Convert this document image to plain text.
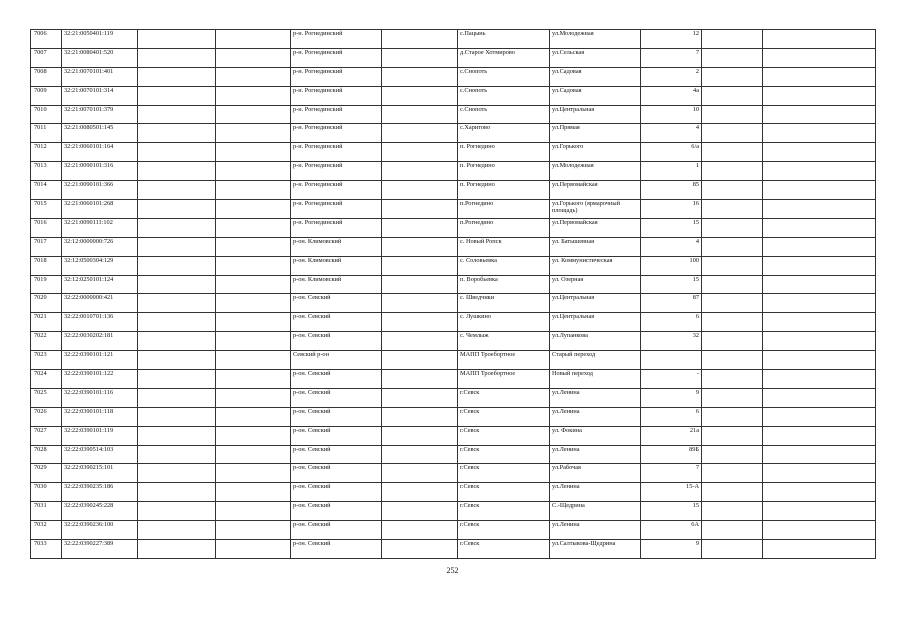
7006	32:21:0050401:119			р-н. Рогнединский		с.Пацынь	ул.Молодежная	12		
7007	32:21:0080401:520			р-н. Рогнединский		д.Старое Хотмирово	ул.Сельская	7		
7008	32:21:0070101:401			р-н. Рогнединский		с.Снопоть	ул.Садовая	2		
7009	32:21:0070101:314			р-н. Рогнединский		с.Снопоть	ул.Садовая	4а		
7010	32:21:0070101:379			р-н. Рогнединский		с.Снопоть	ул.Центральная	10		
7011	32:21:0080501:145			р-н. Рогнединский		с.Харитово	ул.Прямая	4		
7012	32:21:0060101:164			р-н. Рогнединский		п. Рогнедино	ул.Горького	6/а		
7013	32:21:0090101:316			р-н. Рогнединский		п. Рогнедино	ул.Молодежная	1		
7014	32:21:0090101:366			р-н. Рогнединский		п. Рогнедино	ул.Первомайская	85		
7015	32:21:0060101:268			р-н. Рогнединский		п.Рогнедино	ул.Горького (ярмарочный площадь)	16		
7016	32:21:0090111:102			р-н. Рогнединский		п.Рогнедино	ул.Первомайская	15		
7017	32:12:0000000:726			р-он. Климовский		с. Новый Ропск	ул. Батышевная	4		
7018	32:12:0500304:129			р-он. Климовский		с. Соловьевка	ул. Коммунистическая	100		
7019	32:12:0250101:124			р-он. Климовский		п. Воробьевка	ул. Озерная	15		
7020	32:22:0000000:421			р-он. Севский		с. Шведчики	ул.Центральная	87		
7021	32:22:0010701:136			р-он. Севский		с. Лушкино	ул.Центральная	6		
7022	32:22:0030202:181			р-он. Севский		с. Чемлыж	ул.Лупанкова	32		
7023	32:22:0390101:121			Севский р-он		МАПП Троебортное	Старый переход			
7024	32:22:0390101:122			р-он. Севский		МАПП Троебортное	Новый переход	-		
7025	32:22:0390101:116			р-он. Севский		г.Севск	ул.Ленина	9		
7026	32:22:0390101:118			р-он. Севский		г.Севск	ул.Ленина	6		
7027	32:22:0390101:119			р-он. Севский		г.Севск	ул. Фокина	21а		
7028	32:22:0390514:103			р-он. Севский		г.Севск	ул.Ленина	89Б		
7029	32:22:0390215:101			р-он. Севский		г.Севск	ул.Рабочая	7		
7030	32:22:0390235:186			р-он. Севский		г.Севск	ул.Ленина	15-А		
7031	32:22:0390245:228			р-он. Севский		г.Севск	С.-Щедрина	15		
7032	32:22:0390236:100			р-он. Севский		г.Севск	ул.Ленина	6А		
7033	32:22:0390227:389			р-он. Севский		г.Севск	ул.Салтыкова-Щедрина	9		
252
